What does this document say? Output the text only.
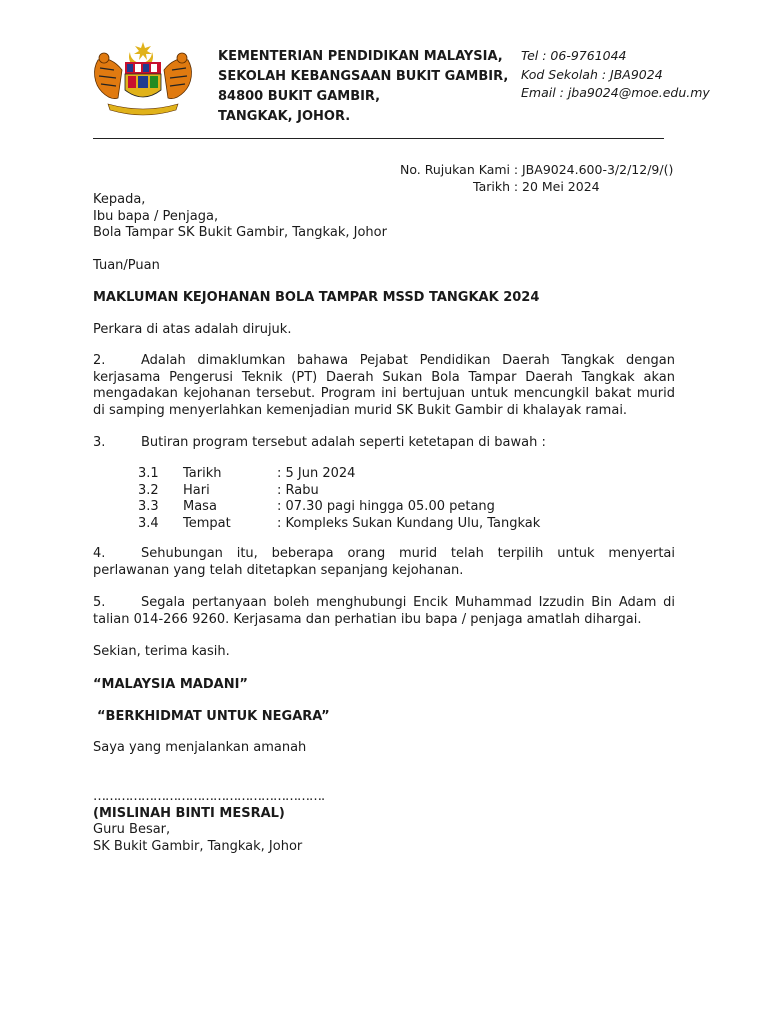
KEMENTERIAN PENDIDIKAN MALAYSIA,
SEKOLAH KEBANGSAAN BUKIT GAMBIR,
84800 BUKIT GAMBIR,
TANGKAK, JOHOR.
Tel : 06-9761044
Kod Sekolah : JBA9024
Email : jba9024@moe.edu.my
No. Rujukan Kami : JBA9024.600-3/2/12/9/()
Tarikh : 20 Mei 2024
Kepada,
Ibu bapa / Penjaga,
Bola Tampar SK Bukit Gambir, Tangkak, Johor
Tuan/Puan
MAKLUMAN KEJOHANAN BOLA TAMPAR MSSD TANGKAK 2024
Perkara di atas adalah dirujuk.
2.	Adalah dimaklumkan bahawa Pejabat Pendidikan Daerah Tangkak dengan kerjasama Pengerusi Teknik (PT) Daerah Sukan Bola Tampar Daerah Tangkak akan mengadakan kejohanan tersebut. Program ini bertujuan untuk mencungkil bakat murid di samping menyerlahkan kemenjadian murid SK Bukit Gambir di khalayak ramai.
3.	Butiran program tersebut adalah seperti ketetapan di bawah :
3.1	Tarikh	: 5 Jun 2024
3.2	Hari	: Rabu
3.3	Masa	: 07.30 pagi hingga 05.00 petang
3.4	Tempat	: Kompleks Sukan Kundang Ulu, Tangkak
4.	Sehubungan itu, beberapa orang murid telah terpilih untuk menyertai perlawanan yang telah ditetapkan sepanjang kejohanan.
5.	Segala pertanyaan boleh menghubungi Encik Muhammad Izzudin Bin Adam di talian 014-266 9260. Kerjasama dan perhatian ibu bapa / penjaga amatlah dihargai.
Sekian, terima kasih.
“MALAYSIA MADANI”
“BERKHIDMAT UNTUK NEGARA”
Saya yang menjalankan amanah
………………………………………………….
(MISLINAH BINTI MESRAL)
Guru Besar,
SK Bukit Gambir, Tangkak, Johor
